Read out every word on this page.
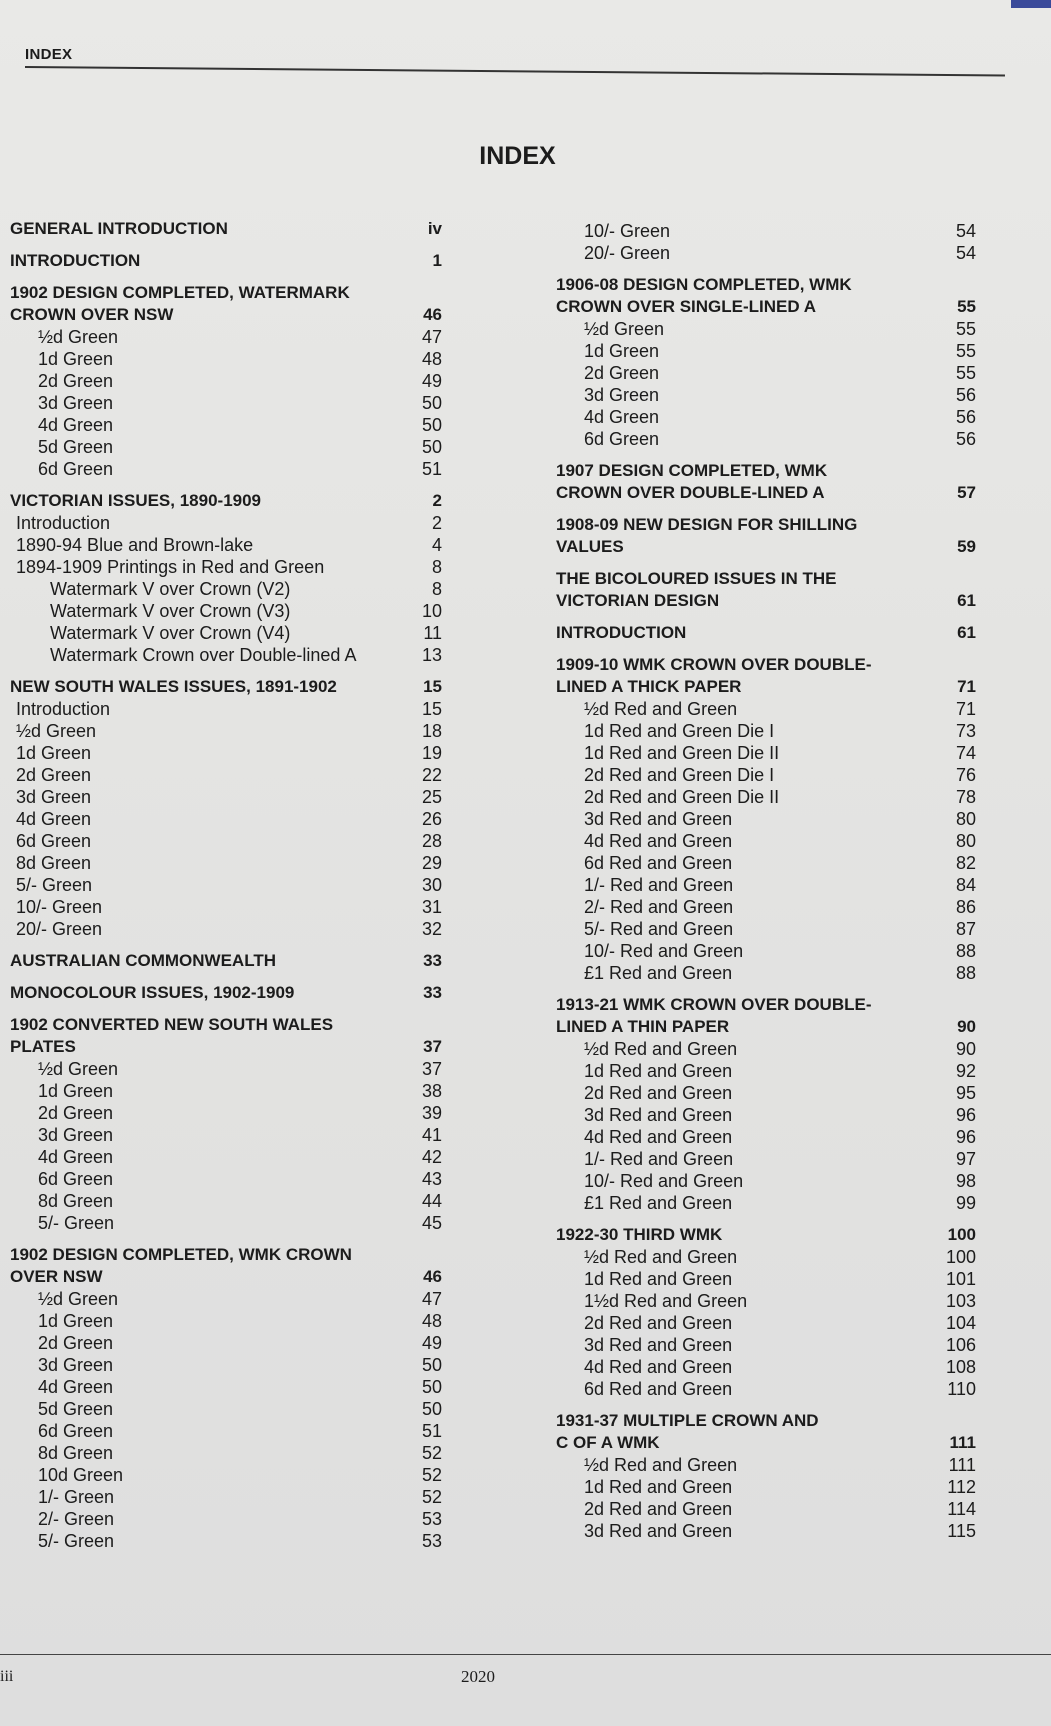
INDEX
INDEX
GENERAL INTRODUCTION	iv
INTRODUCTION	1
1902 DESIGN COMPLETED, WATERMARK
CROWN OVER NSW	46
½d Green	47
1d Green	48
2d Green	49
3d Green	50
4d Green	50
5d Green	50
6d Green	51
VICTORIAN ISSUES, 1890-1909	2
Introduction	2
1890-94 Blue and Brown-lake	4
1894-1909 Printings in Red and Green	8
Watermark V over Crown (V2)	8
Watermark V over Crown (V3)	10
Watermark V over Crown (V4)	11
Watermark Crown over Double-lined A	13
NEW SOUTH WALES ISSUES, 1891-1902	15
Introduction	15
½d Green	18
1d Green	19
2d Green	22
3d Green	25
4d Green	26
6d Green	28
8d Green	29
5/- Green	30
10/- Green	31
20/- Green	32
AUSTRALIAN COMMONWEALTH	33
MONOCOLOUR ISSUES, 1902-1909	33
1902 CONVERTED NEW SOUTH WALES
PLATES	37
½d Green	37
1d Green	38
2d Green	39
3d Green	41
4d Green	42
6d Green	43
8d Green	44
5/- Green	45
1902 DESIGN COMPLETED, WMK CROWN
OVER NSW	46
½d Green	47
1d Green	48
2d Green	49
3d Green	50
4d Green	50
5d Green	50
6d Green	51
8d Green	52
10d Green	52
1/- Green	52
2/- Green	53
5/- Green	53
10/- Green	54
20/- Green	54
1906-08 DESIGN COMPLETED, WMK
CROWN OVER SINGLE-LINED A	55
½d Green	55
1d Green	55
2d Green	55
3d Green	56
4d Green	56
6d Green	56
1907 DESIGN COMPLETED, WMK
CROWN OVER DOUBLE-LINED A	57
1908-09 NEW DESIGN FOR SHILLING
VALUES	59
THE BICOLOURED ISSUES IN THE
VICTORIAN DESIGN	61
INTRODUCTION	61
1909-10 WMK CROWN OVER DOUBLE-
LINED A THICK PAPER	71
½d Red and Green	71
1d Red and Green Die I	73
1d Red and Green Die II	74
2d Red and Green Die I	76
2d Red and Green Die II	78
3d Red and Green	80
4d Red and Green	80
6d Red and Green	82
1/- Red and Green	84
2/- Red and Green	86
5/- Red and Green	87
10/- Red and Green	88
£1 Red and Green	88
1913-21 WMK CROWN OVER DOUBLE-
LINED A THIN PAPER	90
½d Red and Green	90
1d Red and Green	92
2d Red and Green	95
3d Red and Green	96
4d Red and Green	96
1/- Red and Green	97
10/- Red and Green	98
£1 Red and Green	99
1922-30 THIRD WMK	100
½d Red and Green	100
1d Red and Green	101
1½d Red and Green	103
2d Red and Green	104
3d Red and Green	106
4d Red and Green	108
6d Red and Green	110
1931-37 MULTIPLE CROWN AND
C OF A WMK	111
½d Red and Green	111
1d Red and Green	112
2d Red and Green	114
3d Red and Green	115
iii	2020
